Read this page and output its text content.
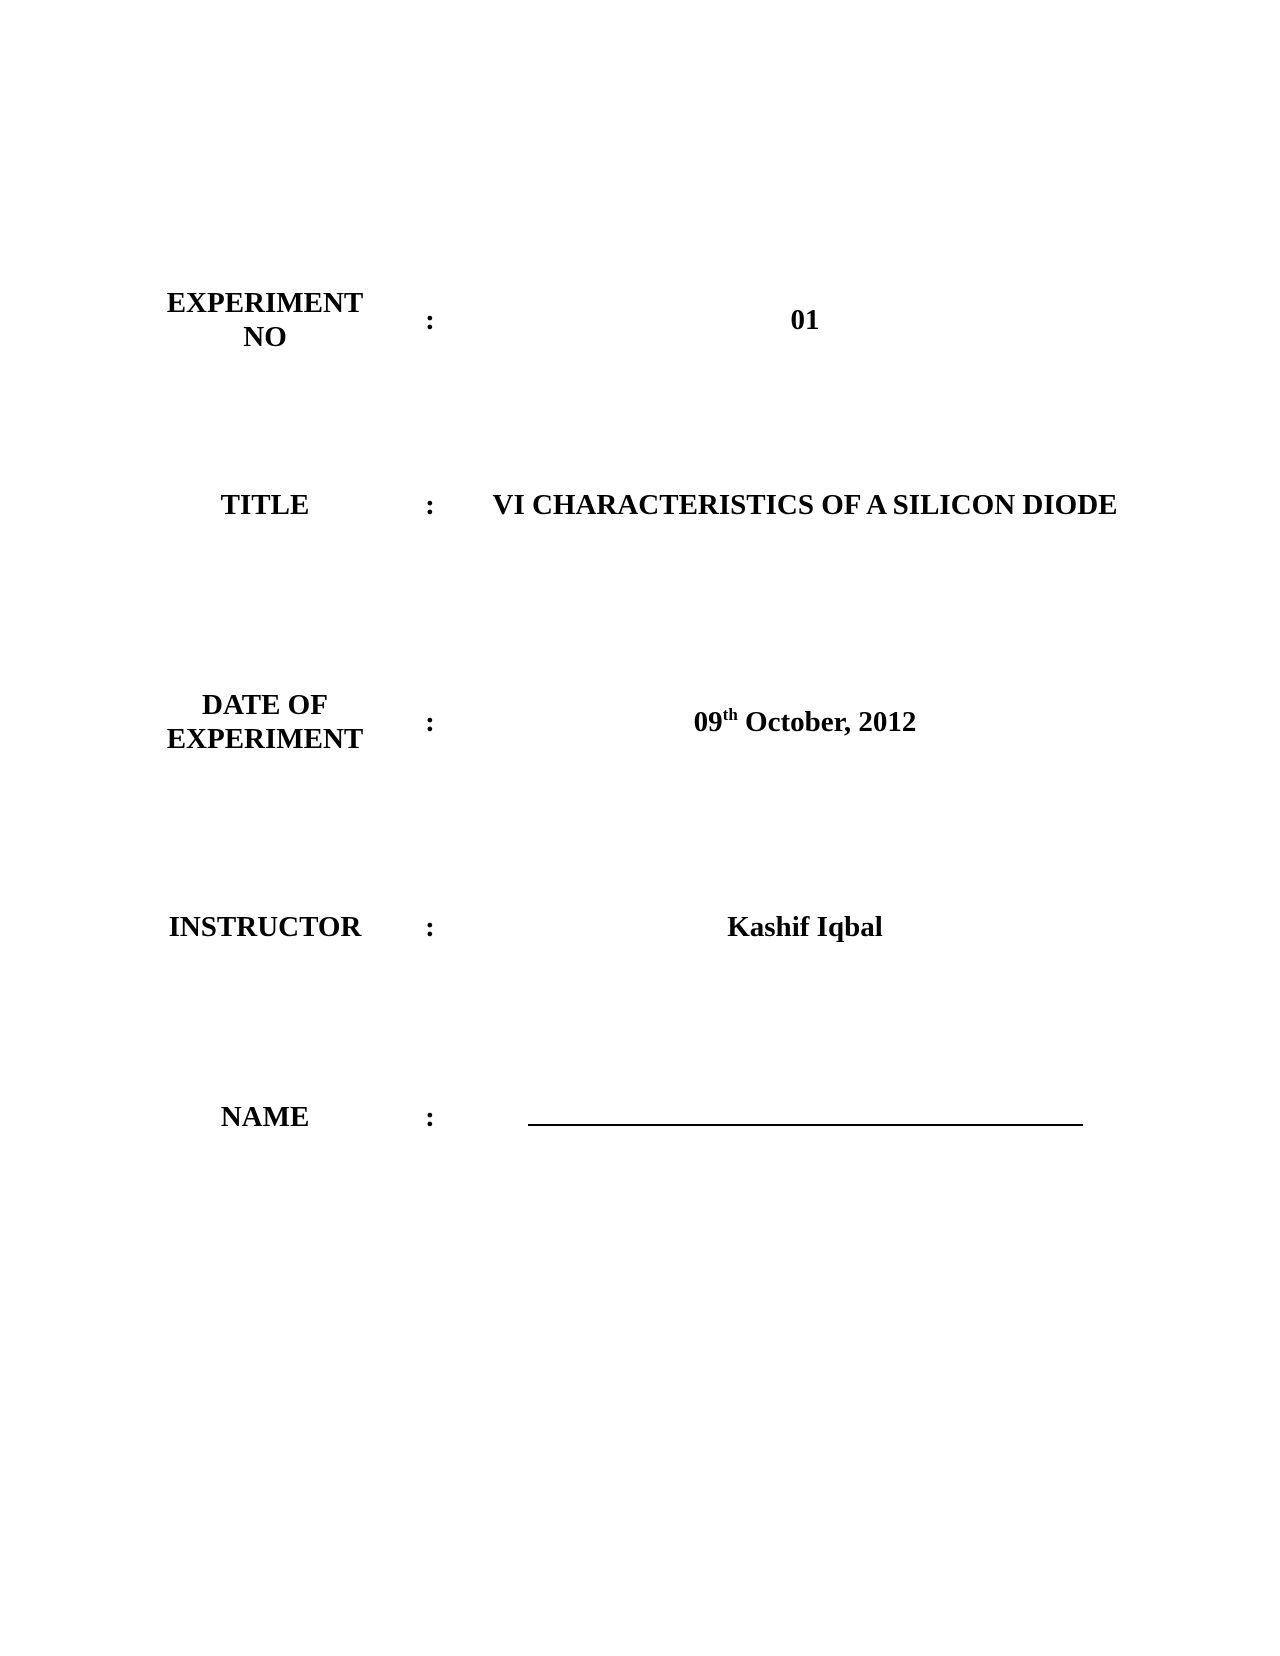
EXPERIMENT
NO
:	01
TITLE	:	VI CHARACTERISTICS OF A SILICON DIODE
DATE OF
EXPERIMENT
:	09th October, 2012
INSTRUCTOR	:	Kashif Iqbal
NAME	:
